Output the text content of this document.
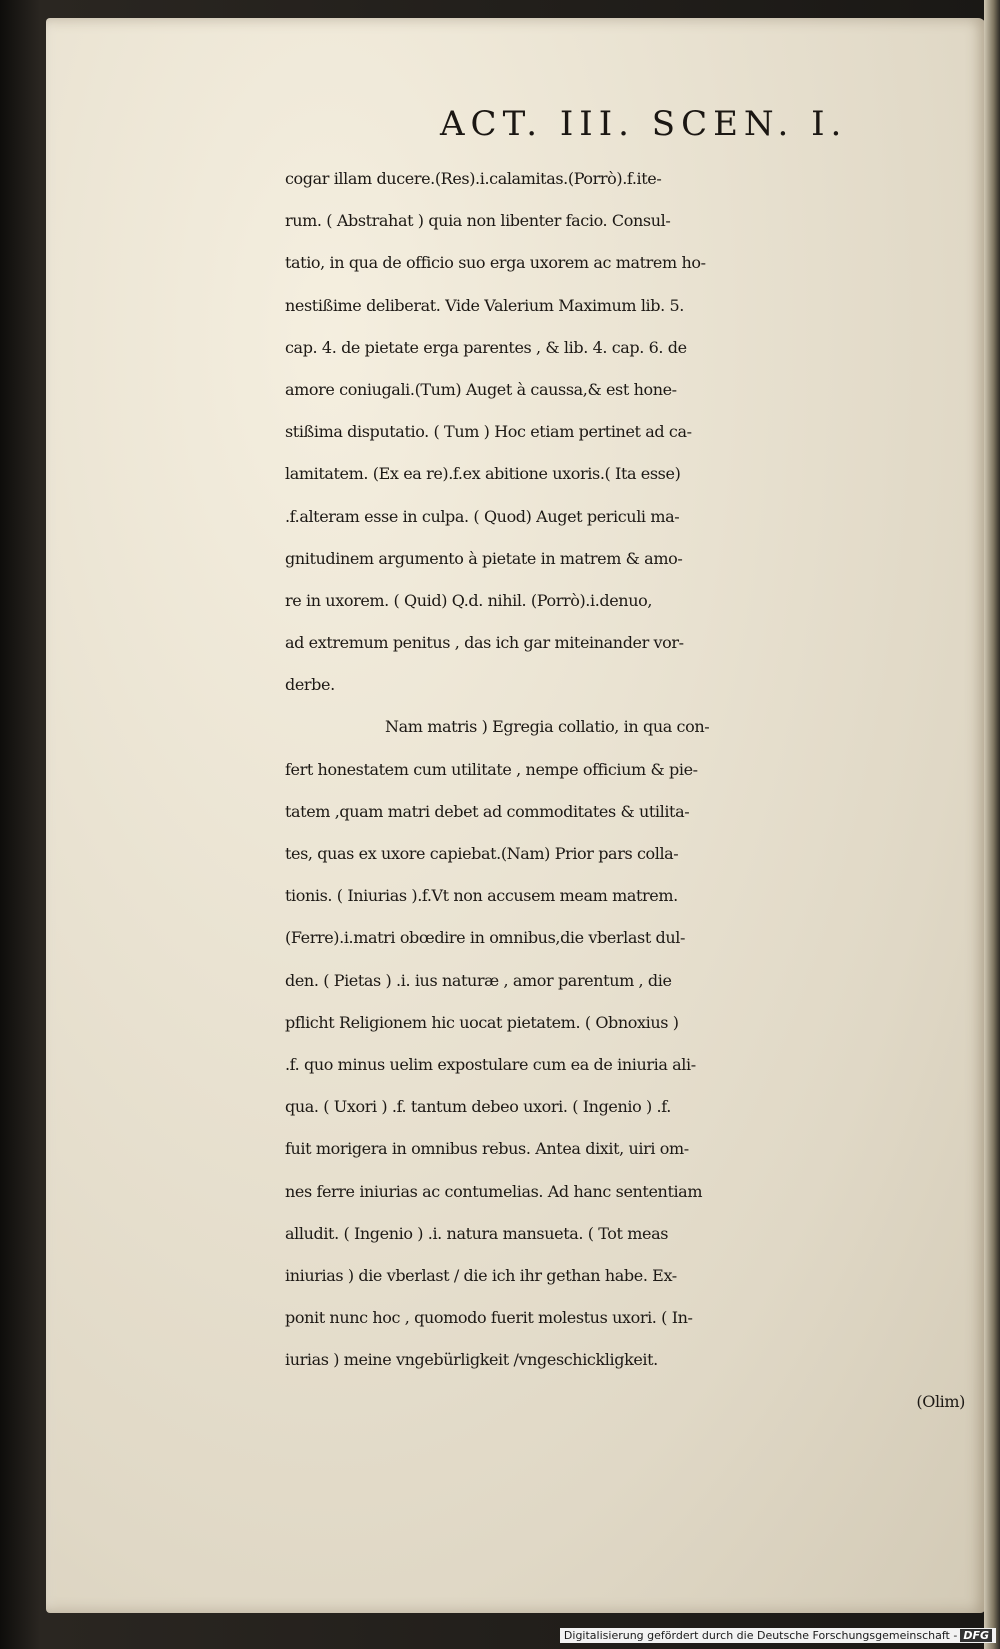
ACT. III. SCEN. I.
cogar illam ducere.(Res).i.calamitas.(Porrò).f.ite-
rum. ( Abstrahat ) quia non libenter facio. Consul-
tatio, in qua de officio suo erga uxorem ac matrem ho-
nestißime deliberat. Vide Valerium Maximum lib. 5.
cap. 4. de pietate erga parentes , & lib. 4. cap. 6. de
amore coniugali.(Tum) Auget à caussa,& est hone-
stißima disputatio. ( Tum ) Hoc etiam pertinet ad ca-
lamitatem. (Ex ea re).f.ex abitione uxoris.( Ita esse)
.f.alteram esse in culpa. ( Quod) Auget periculi ma-
gnitudinem argumento à pietate in matrem & amo-
re in uxorem. ( Quid) Q.d. nihil. (Porrò).i.denuo,
ad extremum penitus , das ich gar miteinander vor-
derbe.
Nam matris ) Egregia collatio, in qua con-
fert honestatem cum utilitate , nempe officium & pie-
tatem ,quam matri debet ad commoditates & utilita-
tes, quas ex uxore capiebat.(Nam) Prior pars colla-
tionis. ( Iniurias ).f.Vt non accusem meam matrem.
(Ferre).i.matri obœdire in omnibus,die vberlast dul-
den. ( Pietas ) .i. ius naturæ , amor parentum , die
pflicht Religionem hic uocat pietatem. ( Obnoxius )
.f. quo minus uelim expostulare cum ea de iniuria ali-
qua. ( Uxori ) .f. tantum debeo uxori. ( Ingenio ) .f.
fuit morigera in omnibus rebus. Antea dixit, uiri om-
nes ferre iniurias ac contumelias. Ad hanc sententiam
alludit. ( Ingenio ) .i. natura mansueta. ( Tot meas
iniurias ) die vberlast / die ich ihr gethan habe. Ex-
ponit nunc hoc , quomodo fuerit molestus uxori. ( In-
iurias ) meine vngebürligkeit /vngeschickligkeit.
(Olim)
Digitalisierung gefördert durch die Deutsche Forschungsgemeinschaft - DFG
